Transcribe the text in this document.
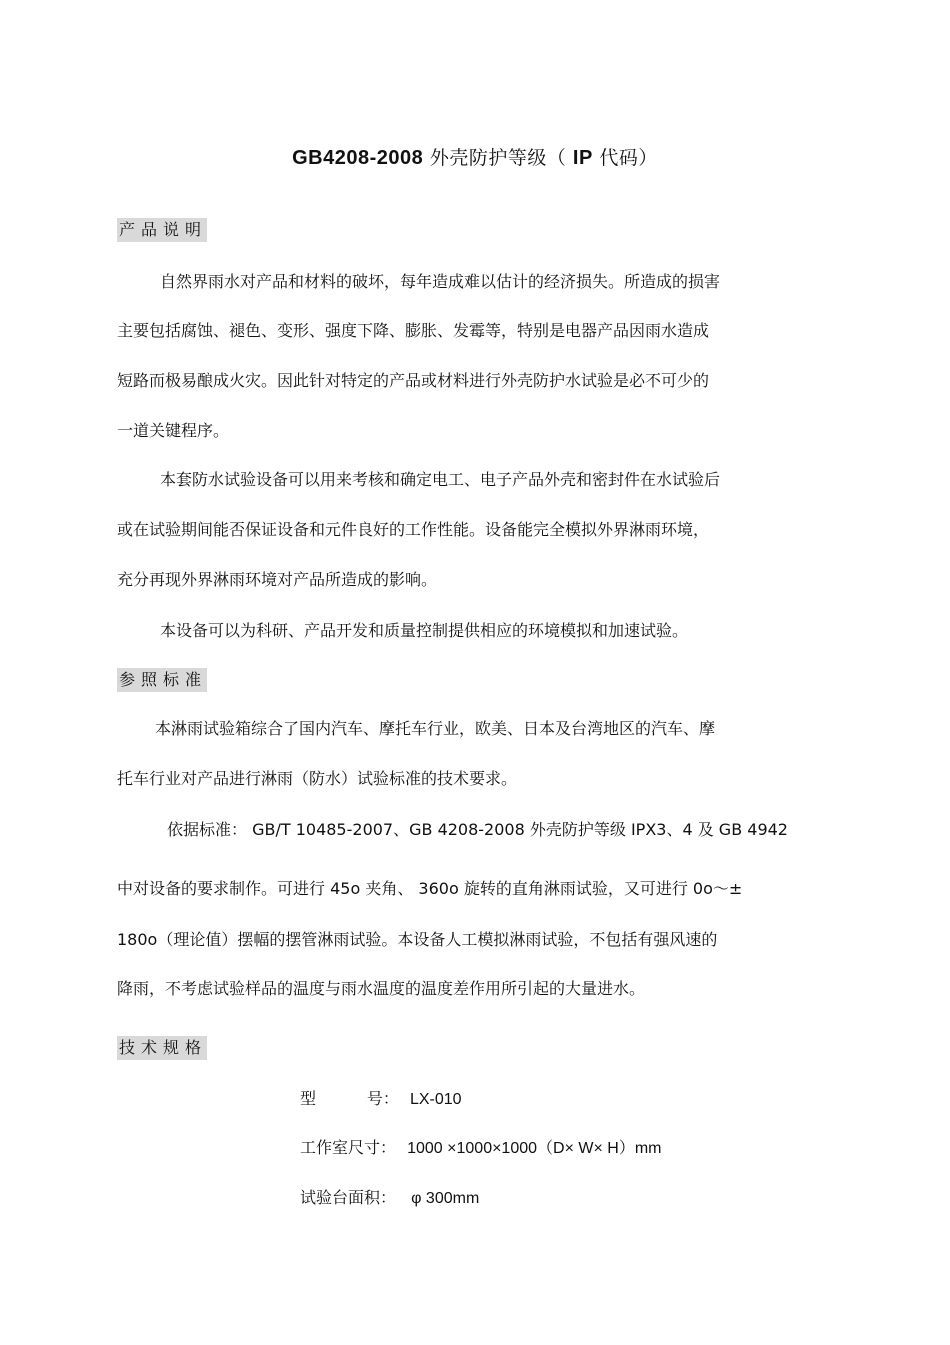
GB4208-2008 外壳防护等级（ IP 代码）
产品说明
自然界雨水对产品和材料的破坏，每年造成难以估计的经济损失。所造成的损害
主要包括腐蚀、褪色、变形、强度下降、膨胀、发霉等，特别是电器产品因雨水造成
短路而极易酿成火灾。因此针对特定的产品或材料进行外壳防护水试验是必不可少的
一道关键程序。
本套防水试验设备可以用来考核和确定电工、电子产品外壳和密封件在水试验后
或在试验期间能否保证设备和元件良好的工作性能。设备能完全模拟外界淋雨环境，
充分再现外界淋雨环境对产品所造成的影响。
本设备可以为科研、产品开发和质量控制提供相应的环境模拟和加速试验。
参照标准
本淋雨试验箱综合了国内汽车、摩托车行业，欧美、日本及台湾地区的汽车、摩
托车行业对产品进行淋雨（防水）试验标准的技术要求。
依据标准： GB/T 10485-2007、GB 4208-2008 外壳防护等级 IPX3、4 及 GB 4942
中对设备的要求制作。可进行 45o 夹角、 360o 旋转的直角淋雨试验，又可进行 0o～±
180o（理论值）摆幅的摆管淋雨试验。本设备人工模拟淋雨试验，不包括有强风速的
降雨，不考虑试验样品的温度与雨水温度的温度差作用所引起的大量进水。
技术规格
型          号： LX-010
工作室尺寸： 1000 ×1000×1000（D× W× H）mm
试验台面积： φ 300mm
